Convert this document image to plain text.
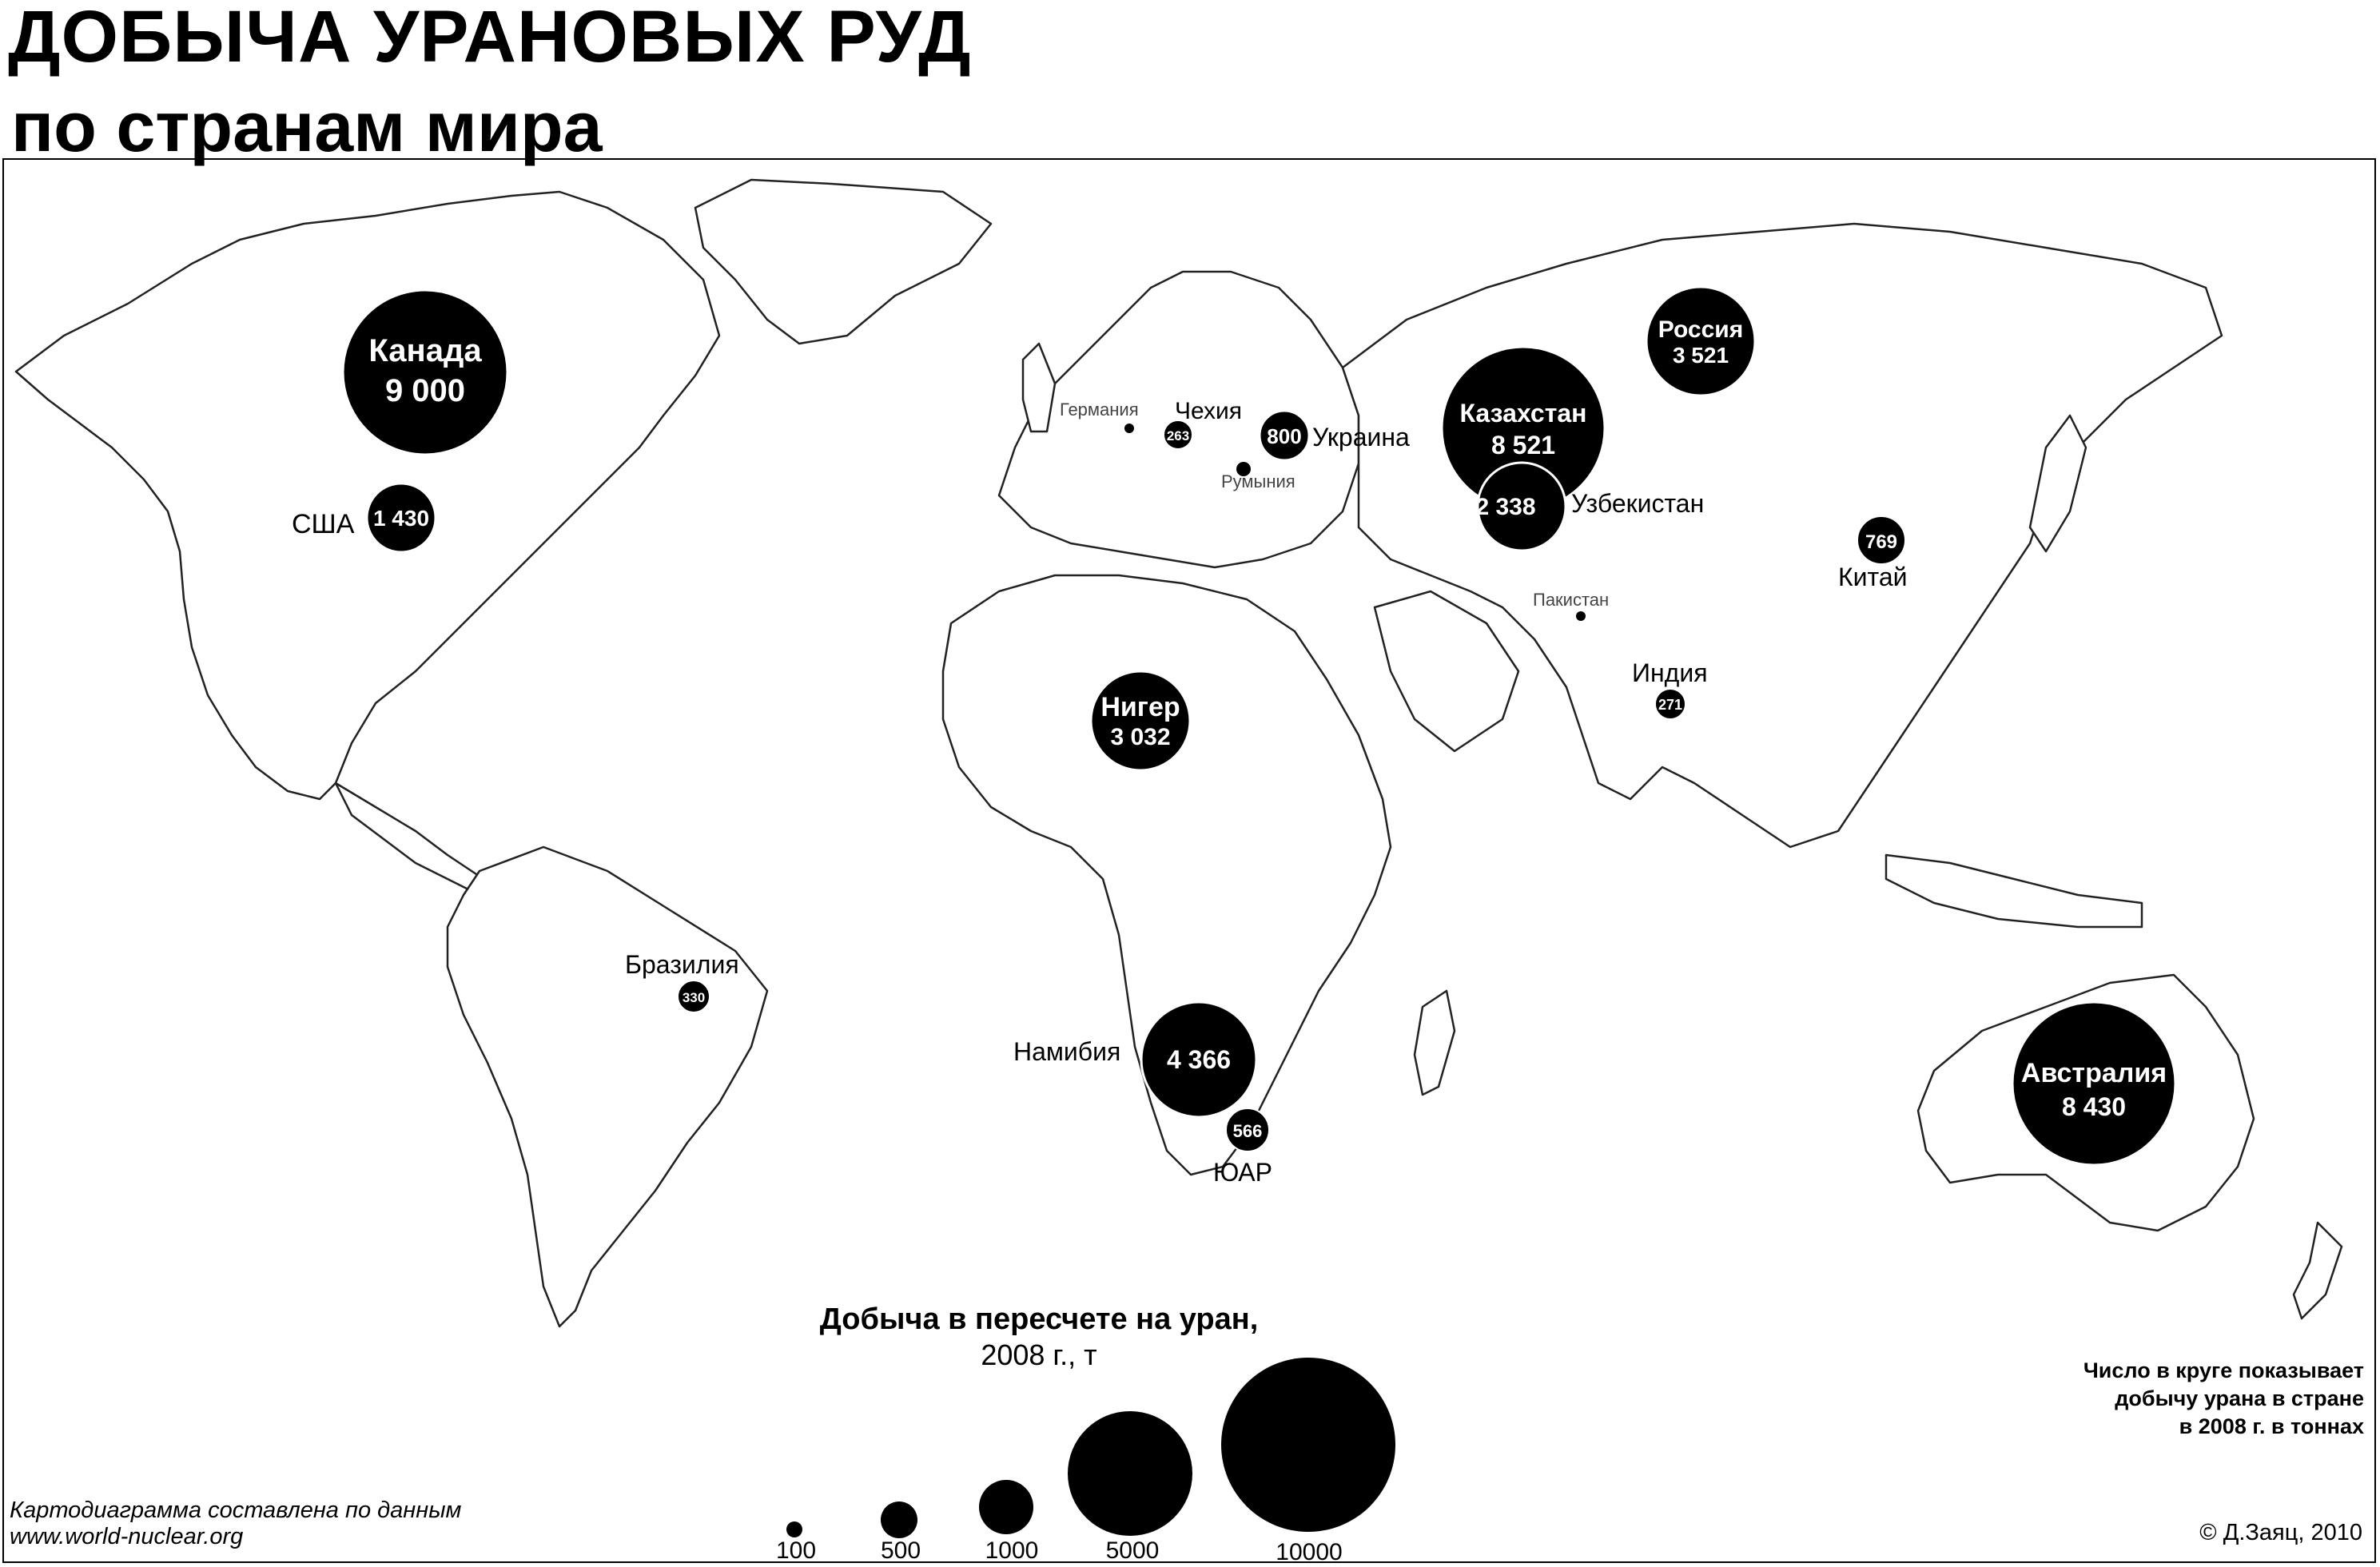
ДОБЫЧА УРАНОВЫХ РУД
по странам мира
Канада
9 000
1 430
263	800
Казахстан
8 521
2 338
Россия
3 521
769
271
Нигер
3 032
4 366
566
330
Австралия
8 430
США
Германия Чехия
Украина
Румыния
Узбекистан
Китай
Пакистан
Индия
Намибия
ЮАР
Бразилия
100	500	1000	5000	10000
Добыча в пересчете на уран,
2008 г., т	Число в круге показывает
добычу урана в стране
в 2008 г. в тоннах
Картодиаграмма составлена по данным
www.world-nuclear.org	© Д.Заяц, 2010
